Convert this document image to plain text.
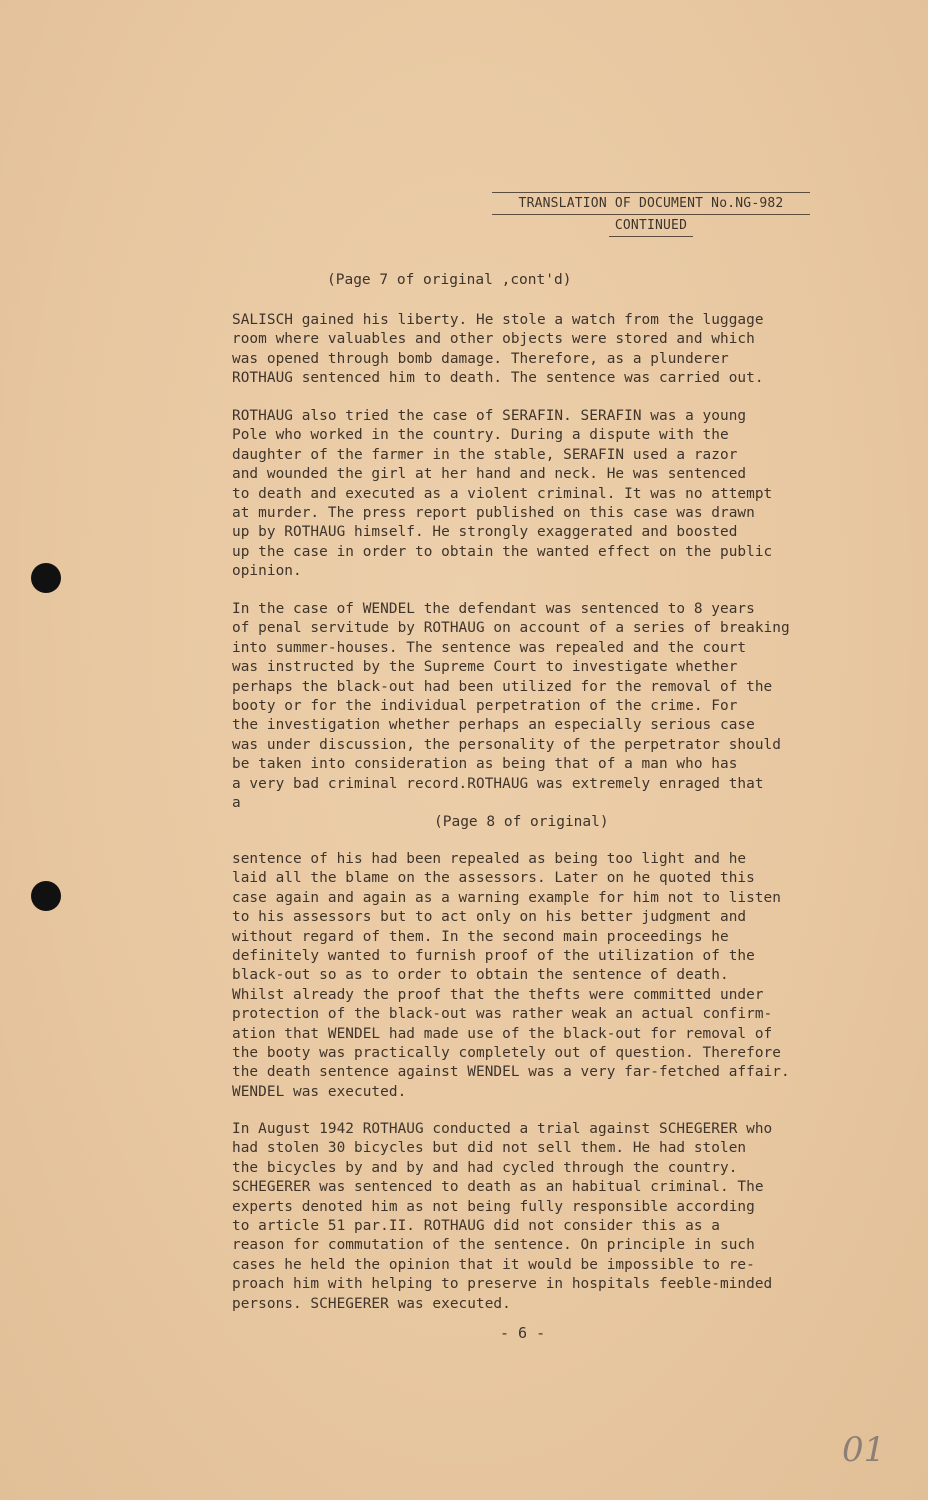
TRANSLATION OF DOCUMENT No.NG-982
CONTINUED
(Page 7 of original ,cont'd)
SALISCH gained his liberty. He stole a watch from the luggage
room where valuables and other objects were stored and which
was opened through bomb damage. Therefore, as a plunderer
ROTHAUG sentenced him to death. The sentence was carried out.
ROTHAUG also tried the case of SERAFIN. SERAFIN was a young
Pole who worked in the country. During a dispute with the
daughter of the farmer in the stable, SERAFIN used a razor
and wounded the girl at her hand and neck. He was sentenced
to death and executed as a violent criminal. It was no attempt
at murder. The press report published on this case was drawn
up by ROTHAUG himself. He strongly exaggerated and boosted
up the case in order to obtain the wanted effect on the public
opinion.
In the case of WENDEL the defendant was sentenced to 8 years
of penal servitude by ROTHAUG on account of a series of breaking
into summer-houses. The sentence was repealed and the court
was instructed by the Supreme Court to investigate whether
perhaps the black-out had been utilized for the removal of the
booty or for the individual perpetration of the crime. For
the investigation whether perhaps an especially serious case
was under discussion, the personality of the perpetrator should
be taken into consideration as being that of a man who has
a very bad criminal record.ROTHAUG was extremely enraged that
a
(Page 8 of original)
sentence of his had been repealed as being too light and he
laid all the blame on the assessors. Later on he quoted this
case again and again as a warning example for him not to listen
to his assessors but to act only on his better judgment and
without regard of them. In the second main proceedings he
definitely wanted to furnish proof of the utilization of the
black-out so as to order to obtain the sentence of death.
Whilst already the proof that the thefts were committed under
protection of the black-out was rather weak an actual confirm-
ation that WENDEL had made use of the black-out for removal of
the booty was practically completely out of question. Therefore
the death sentence against WENDEL was a very far-fetched affair.
WENDEL was executed.
In August 1942 ROTHAUG conducted a trial against SCHEGERER who
had stolen 30 bicycles but did not sell them. He had stolen
the bicycles by and by and had cycled through the country.
SCHEGERER was sentenced to death as an habitual criminal. The
experts denoted him as not being fully responsible according
to article 51 par.II. ROTHAUG did not consider this as a
reason for commutation of the sentence. On principle in such
cases he held the opinion that it would be impossible to re-
proach him with helping to preserve in hospitals feeble-minded
persons. SCHEGERER was executed.
- 6 -
01
